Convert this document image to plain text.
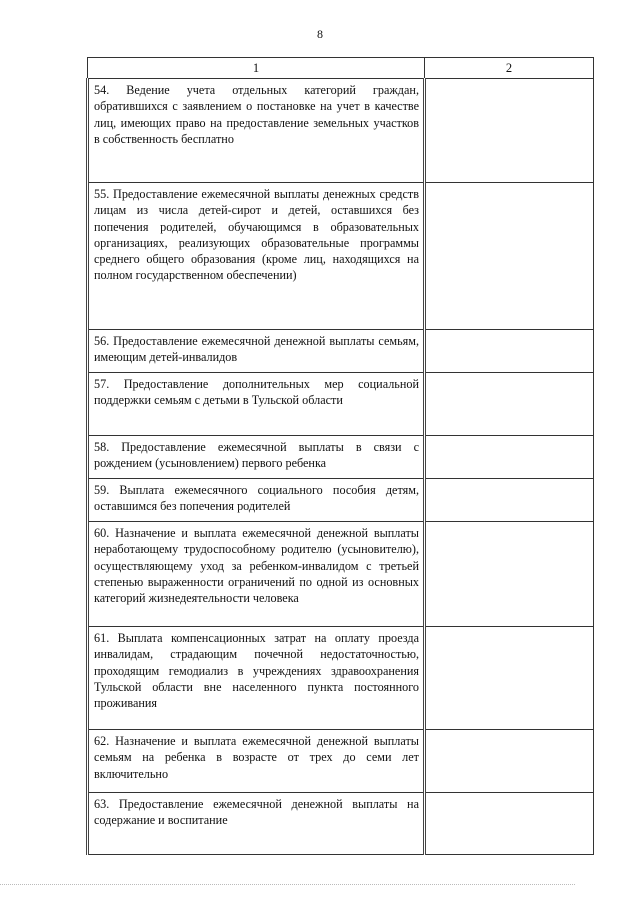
8
1	2

54. Ведение учета отдельных категорий граждан, обратившихся с заявлением о постановке на учет в качестве лиц, имеющих право на предоставление земельных участков в собственность бесплатно	

55. Предоставление ежемесячной выплаты денежных средств лицам из числа детей-сирот и детей, оставшихся без попечения родителей, обучающимся в образовательных организациях, реализующих образовательные программы среднего общего образования (кроме лиц, находящихся на полном государственном обеспечении)	

56. Предоставление ежемесячной денежной выплаты семьям, имеющим детей-инвалидов	

57. Предоставление дополнительных мер социальной поддержки семьям с детьми в Тульской области	

58. Предоставление ежемесячной выплаты в связи с рождением (усыновлением) первого ребенка	

59. Выплата ежемесячного социального пособия детям, оставшимся без попечения родителей	

60. Назначение и выплата ежемесячной денежной выплаты неработающему трудоспособному родителю (усыновителю), осуществляющему уход за ребенком-инвалидом с третьей степенью выраженности ограничений по одной из основных категорий жизнедеятельности человека	

61. Выплата компенсационных затрат на оплату проезда инвалидам, страдающим почечной недостаточностью, проходящим гемодиализ в учреждениях здравоохранения Тульской области вне населенного пункта постоянного проживания	

62. Назначение и выплата ежемесячной денежной выплаты семьям на ребенка в возрасте от трех до семи лет включительно	

63. Предоставление ежемесячной денежной выплаты на содержание и воспитание	
